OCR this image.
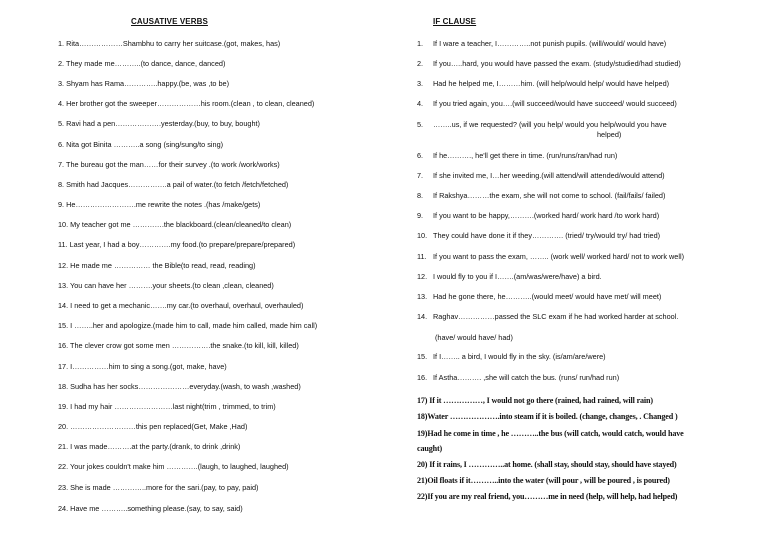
CAUSATIVE VERBS
1. Rita………………Shambhu to carry her suitcase.(got, makes, has)
2. They made me………..(to dance, dance, danced)
3. Shyam has Rama…………..happy.(be, was ,to be)
4. Her brother got the sweeper………………his room.(clean , to clean, cleaned)
5. Ravi had a pen……………….yesterday.(buy, to buy, bought)
6. Nita got Binita ………..a song (sing/sung/to sing)
7. The bureau got the man……for their survey .(to work /work/works)
8. Smith had Jacques…………….a pail of water.(to fetch /fetch/fetched)
9. He…………………….me rewrite the notes .(has /make/gets)
10. My teacher got me ………….the blackboard.(clean/cleaned/to clean)
11. Last year, I had a boy………….my food.(to prepare/prepare/prepared)
12. He made me …………… the Bible(to read, read, reading)
13. You can have her ……….your sheets.(to clean ,clean, cleaned)
14. I need to get a mechanic…….my car.(to overhaul, overhaul, overhauled)
15. I ……..her and apologize.(made him to call, made him called, made him call)
16. The clever crow got some men …………….the snake.(to kill, kill, killed)
17. I……………him to sing a song.(got, make, have)
18. Sudha has her socks…………………everyday.(wash, to wash ,washed)
19. I had my hair ……………………last night(trim , trimmed, to trim)
20. ………………………this pen replaced(Get, Make ,Had)
21. I was made……….at the party.(drank, to drink ,drink)
22. Your jokes couldn't make him ………….(laugh, to laughed, laughed)
23. She is made …………..more for the sari.(pay, to pay, paid)
24. Have me ………..something please.(say, to say, said)
IF CLAUSE
1. If I ware a teacher, I…………..not punish pupils. (will/would/ would have)
2. If you…..hard, you would have passed the exam. (study/studied/had studied)
3. Had he helped me, I………him. (will help/would help/ would have helped)
4. If you tried again, you….(will succeed/would have succeed/ would succeed)
5. ……..us, if we requested? (will you help/ would you help/would you have
helped)
6. If he………., he'll get there in time. (run/runs/ran/had run)
7. If she invited me, I…her weeding.(will attend/will attended/would attend)
8. If Rakshya………the exam, she will not come to school. (fail/fails/ failed)
9. If you want to be happy,……….(worked hard/ work hard /to work hard)
10. They could have done it if they…………. (tried/ try/would try/ had tried)
11. If you want to pass the exam, …….. (work well/ worked hard/ not to work well)
12. I would fly to you if I…….(am/was/were/have) a bird.
13. Had he gone there, he………..(would meet/ would have met/ will meet)
14. Raghav……………passed the SLC exam if he had worked harder at school.
(have/ would have/ had)
15. If I…….. a bird, I would fly in the sky. (is/am/are/were)
16. If Astha………. ,she will catch the bus. (runs/ run/had run)
17) If it ……………, I would not go there (rained, had rained, will rain)
18)Water ……………….into steam if it is boiled. (change, changes, . Changed )
19)Had he come in time , he ………..the bus (will catch, would catch, would have
caught)
20) If it rains, I …………..at home. (shall stay, should stay, should have stayed)
21)Oil floats if it………..into the water (will pour , will be poured , is poured)
22)If you are my real friend, you………me in need (help, will help, had helped)
